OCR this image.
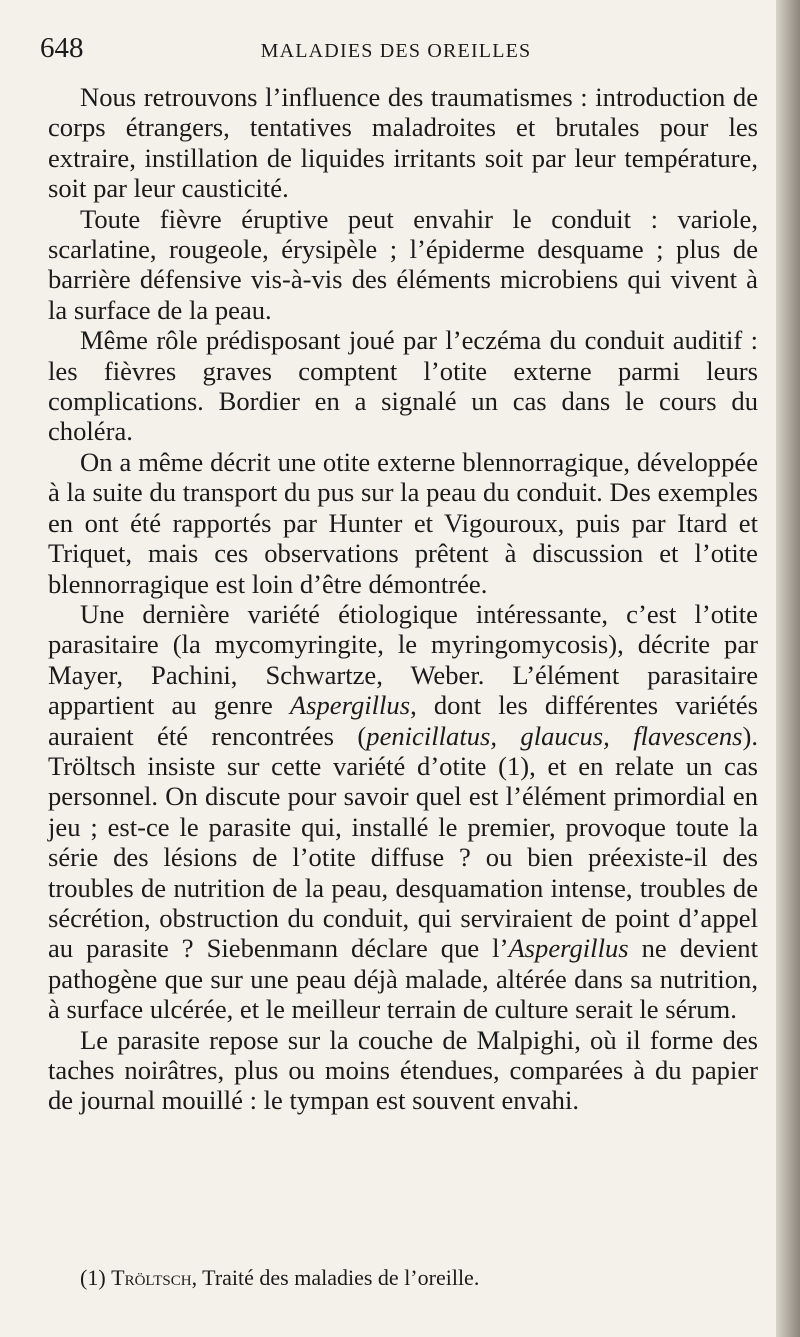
648	MALADIES DES OREILLES

Nous retrouvons l’influence des traumatismes : introduction de corps étrangers, tentatives maladroites et brutales pour les extraire, instillation de liquides irritants soit par leur température, soit par leur causticité.

Toute fièvre éruptive peut envahir le conduit : variole, scarlatine, rougeole, érysipèle ; l’épiderme desquame ; plus de barrière défensive vis-à-vis des éléments microbiens qui vivent à la surface de la peau.

Même rôle prédisposant joué par l’eczéma du conduit auditif : les fièvres graves comptent l’otite externe parmi leurs complications. Bordier en a signalé un cas dans le cours du choléra.

On a même décrit une otite externe blennorragique, développée à la suite du transport du pus sur la peau du conduit. Des exemples en ont été rapportés par Hunter et Vigouroux, puis par Itard et Triquet, mais ces observations prêtent à discussion et l’otite blennorragique est loin d’être démontrée.

Une dernière variété étiologique intéressante, c’est l’otite parasitaire (la mycomyringite, le myringomycosis), décrite par Mayer, Pachini, Schwartze, Weber. L’élément parasitaire appartient au genre Aspergillus, dont les différentes variétés auraient été rencontrées (penicillatus, glaucus, flavescens). Tröltsch insiste sur cette variété d’otite (1), et en relate un cas personnel. On discute pour savoir quel est l’élément primordial en jeu ; est-ce le parasite qui, installé le premier, provoque toute la série des lésions de l’otite diffuse ? ou bien préexiste-il des troubles de nutrition de la peau, desquamation intense, troubles de sécrétion, obstruction du conduit, qui serviraient de point d’appel au parasite ? Siebenmann déclare que l’Aspergillus ne devient pathogène que sur une peau déjà malade, altérée dans sa nutrition, à surface ulcérée, et le meilleur terrain de culture serait le sérum.

Le parasite repose sur la couche de Malpighi, où il forme des taches noirâtres, plus ou moins étendues, comparées à du papier de journal mouillé : le tympan est souvent envahi.

(1) Tröltsch, Traité des maladies de l’oreille.
